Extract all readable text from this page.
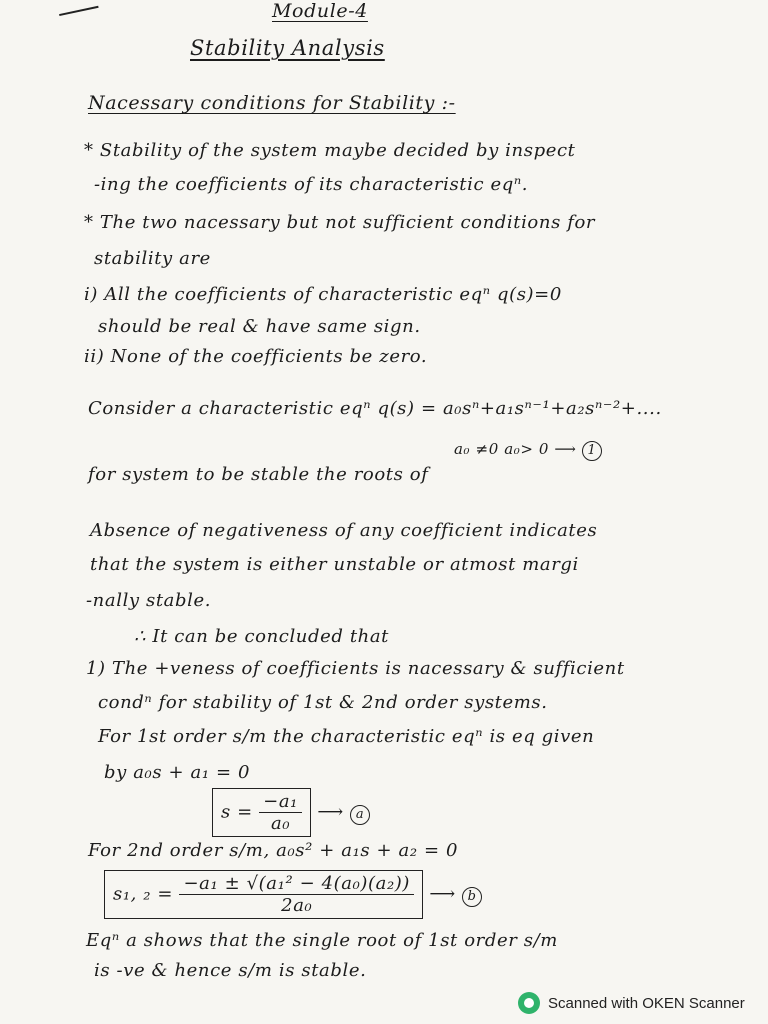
Module-4
Stability Analysis
Nacessary conditions for Stability :-
* Stability of the system maybe decided by inspect
-ing the coefficients of its characteristic eqⁿ.
* The two nacessary but not sufficient conditions for
stability are
i) All the coefficients of characteristic eqⁿ q(s)=0
should be real & have same sign.
ii) None of the coefficients be zero.
Consider a characteristic eqⁿ q(s) = a₀sⁿ+a₁sⁿ⁻¹+a₂sⁿ⁻²+....
a₀ ≠0 a₀> 0 ⟶ 1
for system to be stable the roots of
Absence of negativeness of any coefficient indicates
that the system is either unstable or atmost margi
-nally stable.
∴ It can be concluded that
1) The +veness of coefficients is nacessary & sufficient
condⁿ for stability of 1st & 2nd order systems.
For 1st order s/m the characteristic eqⁿ is eq given
by a₀s + a₁ = 0
$s = \frac{\text{−a₁}}{\text{a₀}}$ ⟶ a
For 2nd order s/m, a₀s² + a₁s + a₂ = 0
s₁, $_2 = \frac{\text{−a₁ ± √(a₁² − 4(a₀)(a₂))}}{\text{2a₀}}$ ⟶ b
Eqⁿ a shows that the single root of 1st order s/m
is -ve & hence s/m is stable.
Scanned with OKEN Scanner
